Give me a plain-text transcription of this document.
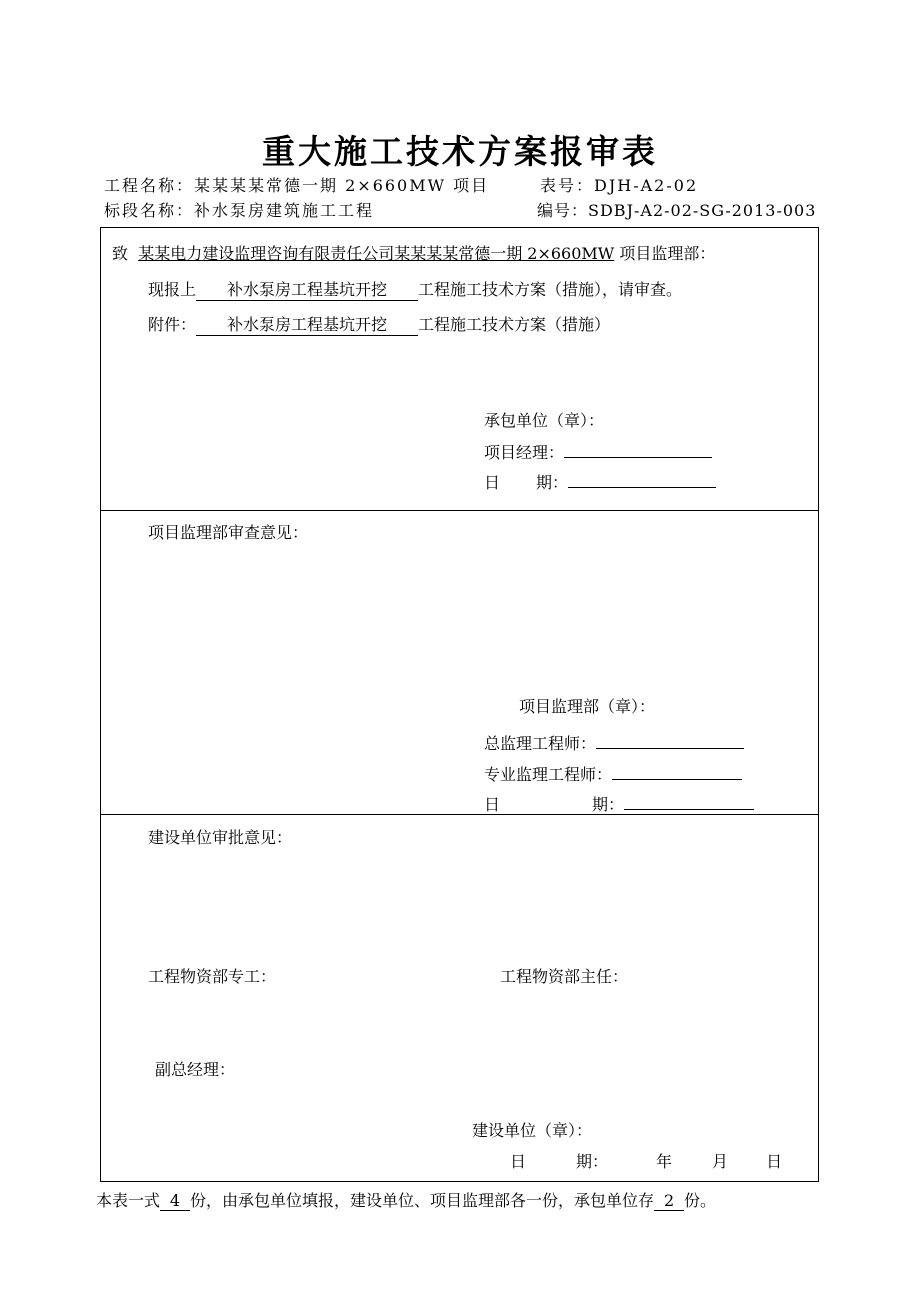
重大施工技术方案报审表
工程名称：某某某某常德一期 2×660MW 项目	表号：DJH-A2-02
标段名称：补水泵房建筑施工工程	编号：SDBJ-A2-02-SG-2013-003
致 某某电力建设监理咨询有限责任公司某某某某常德一期 2×660MW 项目监理部：
现报上 补水泵房工程基坑开挖 工程施工技术方案（措施），请审查。
附件： 补水泵房工程基坑开挖 工程施工技术方案（措施）
承包单位（章）：
项目经理：
日 期：
项目监理部审查意见：
项目监理部（章）：
总监理工程师：
专业监理工程师：
日	期：
建设单位审批意见：
工程物资部专工：	工程物资部主任：
副总经理：
建设单位（章）：
日	期：	年	月 日
本表一式 4 份，由承包单位填报，建设单位、项目监理部各一份，承包单位存 2 份。
